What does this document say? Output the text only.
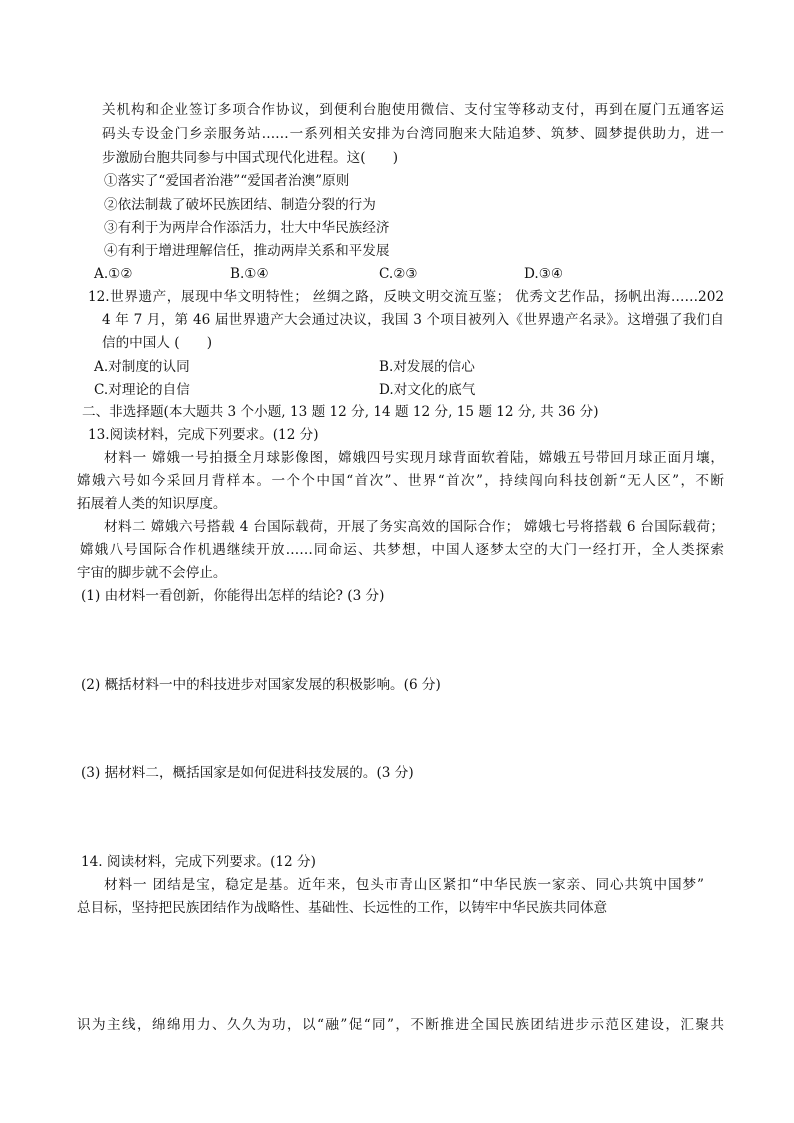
关机构和企业签订多项合作协议，到便利台胞使用微信、支付宝等移动支付，再到在厦门五通客运
码头专设金门乡亲服务站……一系列相关安排为台湾同胞来大陆追梦、筑梦、圆梦提供助力，进一
步激励台胞共同参与中国式现代化进程。这(　　)
①落实了“爱国者治港”“爱国者治澳”原则
②依法制裁了破坏民族团结、制造分裂的行为
③有利于为两岸合作添活力，壮大中华民族经济
④有利于增进理解信任，推动两岸关系和平发展
A.①②	B.①④	C.②③	D.③④
12.世界遗产，展现中华文明特性； 丝绸之路，反映文明交流互鉴； 优秀文艺作品，扬帆出海……202
4 年 7 月，第 46 届世界遗产大会通过决议，我国 3 个项目被列入《世界遗产名录》。这增强了我们自
信的中国人 (　　)
A.对制度的认同	B.对发展的信心
C.对理论的自信	D.对文化的底气
二、非选择题(本大题共 3 个小题, 13 题 12 分, 14 题 12 分, 15 题 12 分, 共 36 分)
13.阅读材料，完成下列要求。(12 分)
材料一 嫦娥一号拍摄全月球影像图，嫦娥四号实现月球背面软着陆，嫦娥五号带回月球正面月壤，
嫦娥六号如今采回月背样本。一个个中国“首次”、世界“首次”，持续闯向科技创新“无人区”，不断
拓展着人类的知识厚度。
材料二 嫦娥六号搭载 4 台国际载荷，开展了务实高效的国际合作； 嫦娥七号将搭载 6 台国际载荷；
嫦娥八号国际合作机遇继续开放……同命运、共梦想，中国人逐梦太空的大门一经打开，全人类探索
宇宙的脚步就不会停止。
(1) 由材料一看创新，你能得出怎样的结论? (3 分)
(2) 概括材料一中的科技进步对国家发展的积极影响。(6 分)
(3) 据材料二，概括国家是如何促进科技发展的。(3 分)
14. 阅读材料，完成下列要求。(12 分)
材料一 团结是宝，稳定是基。近年来，包头市青山区紧扣“中华民族一家亲、同心共筑中国梦”
总目标，坚持把民族团结作为战略性、基础性、长远性的工作，以铸牢中华民族共同体意
识为主线，绵绵用力、久久为功，以“融”促“同”，不断推进全国民族团结进步示范区建设，汇聚共
